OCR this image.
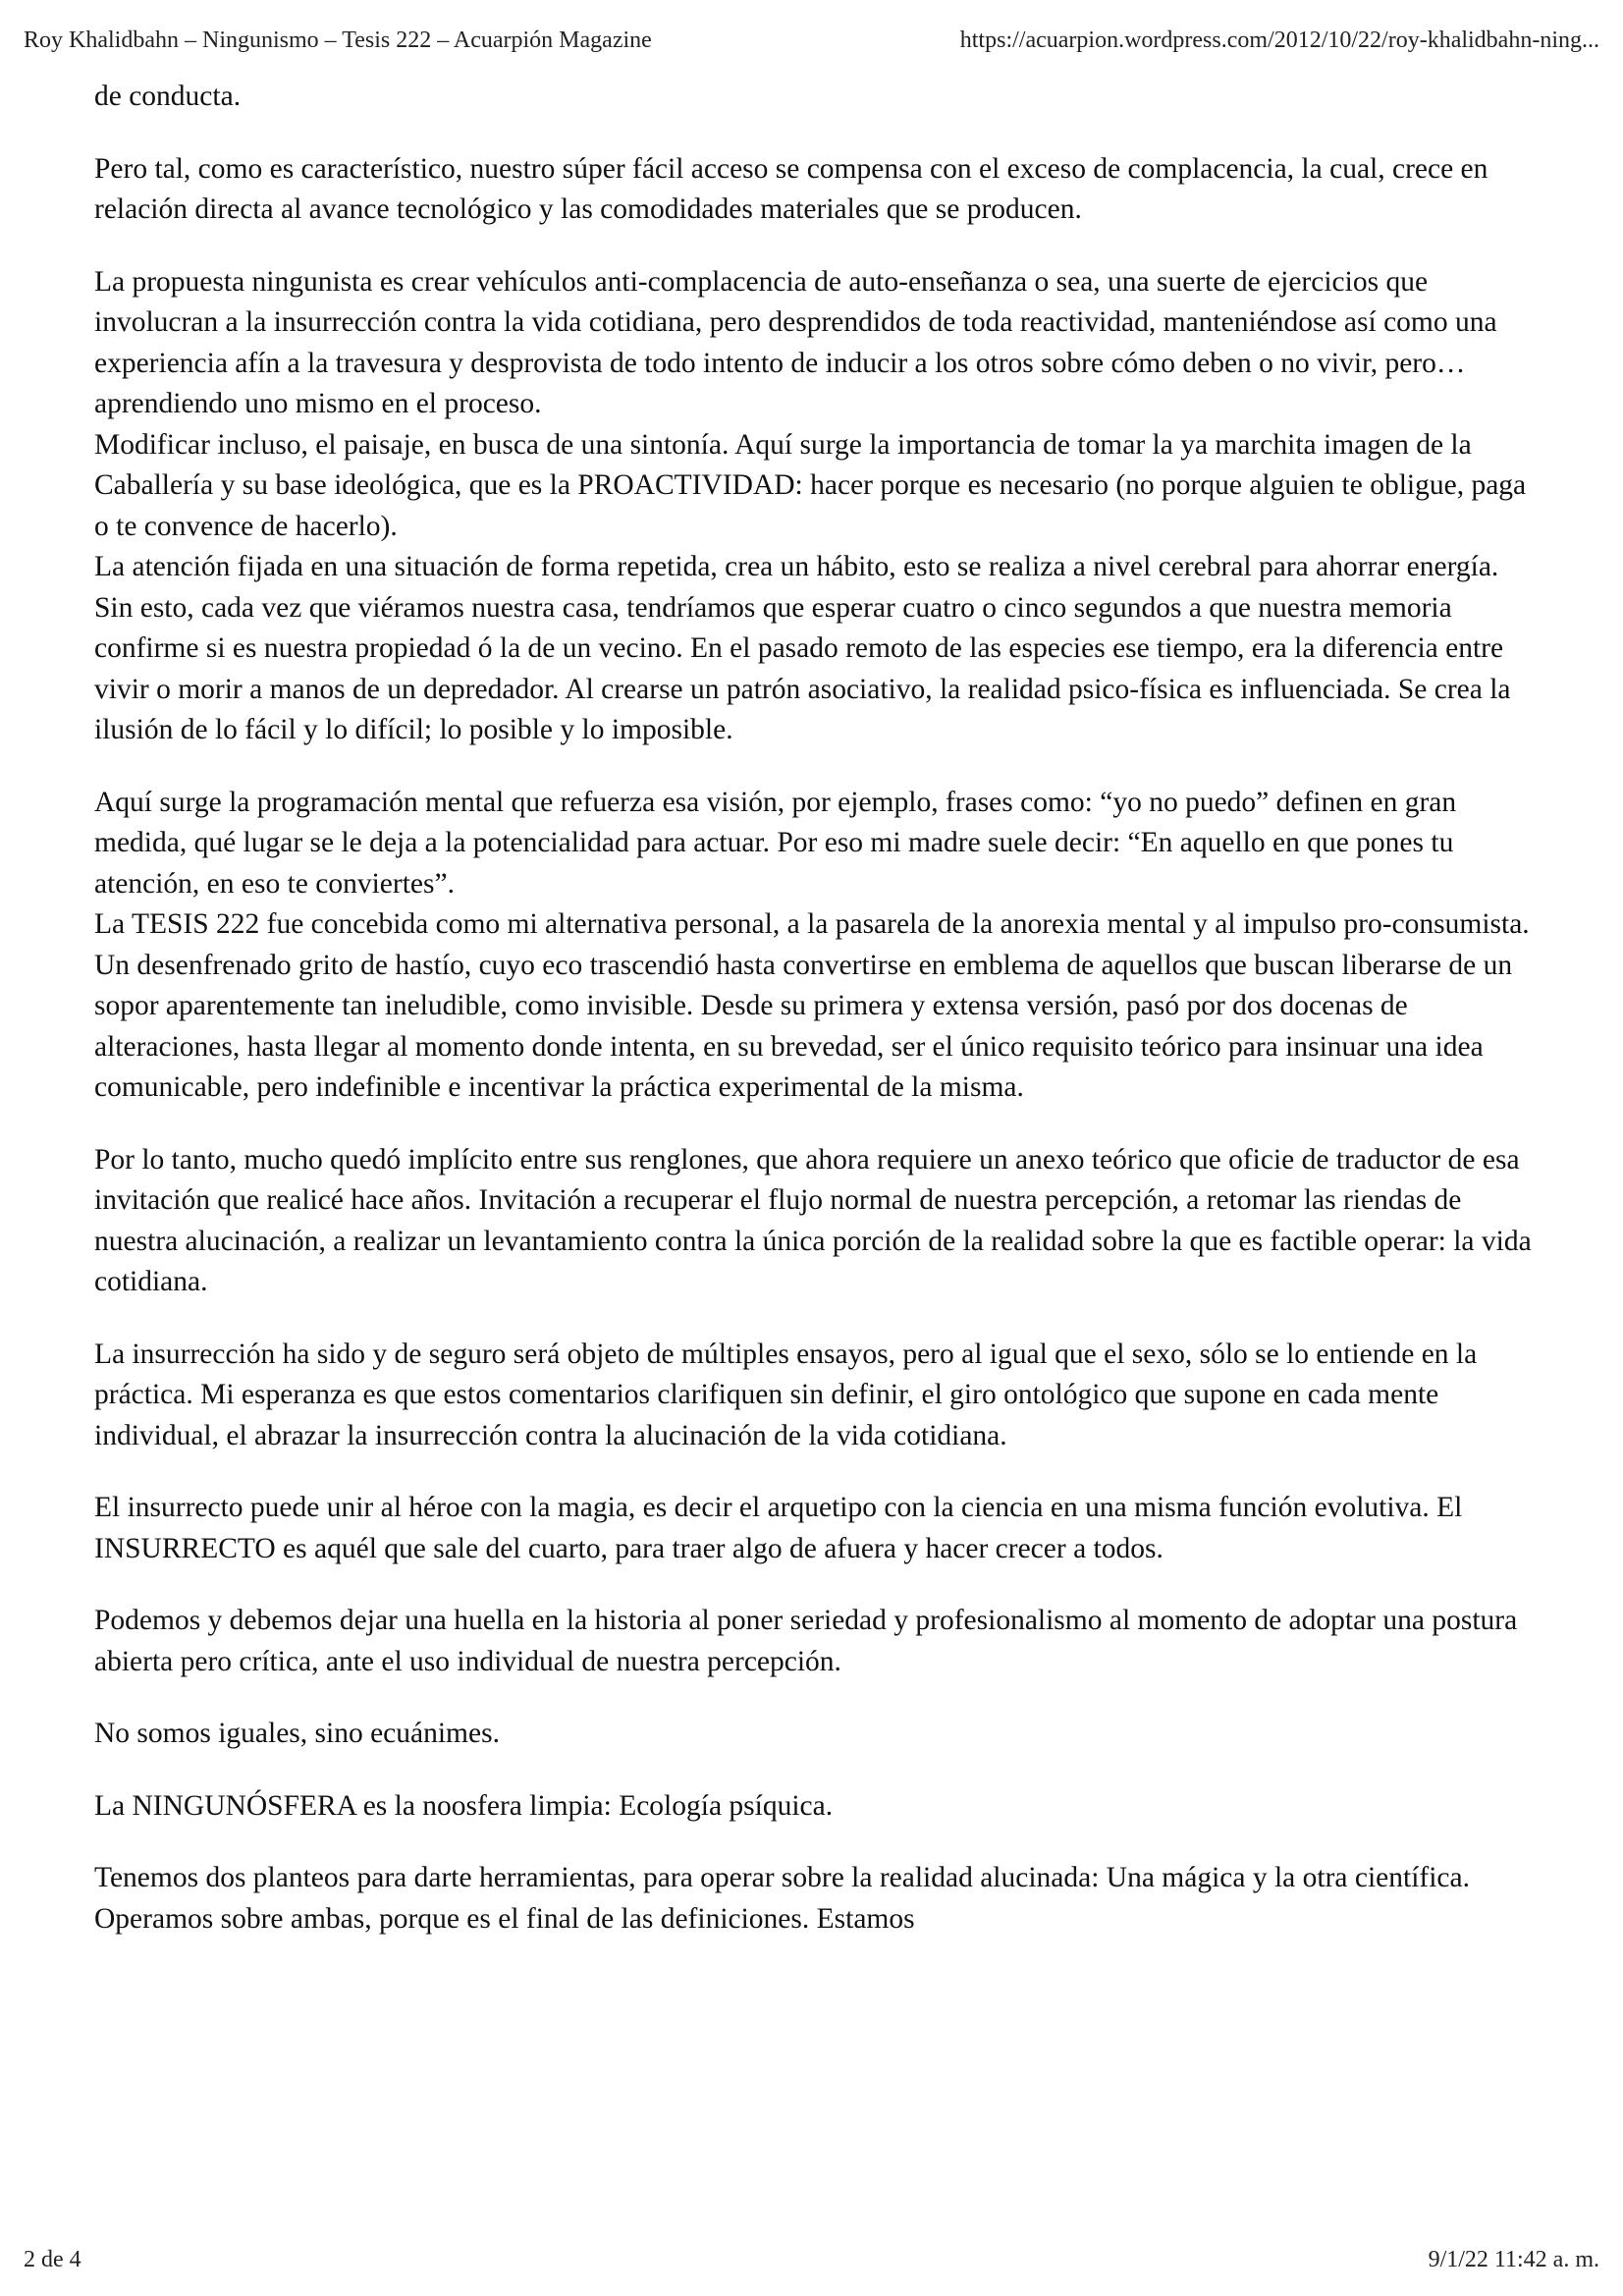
Roy Khalidbahn – Ningunismo – Tesis 222 – Acuarpión Magazine	https://acuarpion.wordpress.com/2012/10/22/roy-khalidbahn-ning...

de conducta.

Pero tal, como es característico, nuestro súper fácil acceso se compensa con el exceso de complacencia, la cual, crece en relación directa al avance tecnológico y las comodidades materiales que se producen.

La propuesta ningunista es crear vehículos anti-complacencia de auto-enseñanza o sea, una suerte de ejercicios que involucran a la insurrección contra la vida cotidiana, pero desprendidos de toda reactividad, manteniéndose así como una experiencia afín a la travesura y desprovista de todo intento de inducir a los otros sobre cómo deben o no vivir, pero… aprendiendo uno mismo en el proceso.

Modificar incluso, el paisaje, en busca de una sintonía. Aquí surge la importancia de tomar la ya marchita imagen de la Caballería y su base ideológica, que es la PROACTIVIDAD: hacer porque es necesario (no porque alguien te obligue, paga o te convence de hacerlo).

La atención fijada en una situación de forma repetida, crea un hábito, esto se realiza a nivel cerebral para ahorrar energía. Sin esto, cada vez que viéramos nuestra casa, tendríamos que esperar cuatro o cinco segundos a que nuestra memoria confirme si es nuestra propiedad ó la de un vecino. En el pasado remoto de las especies ese tiempo, era la diferencia entre vivir o morir a manos de un depredador. Al crearse un patrón asociativo, la realidad psico-física es influenciada. Se crea la ilusión de lo fácil y lo difícil; lo posible y lo imposible.

Aquí surge la programación mental que refuerza esa visión, por ejemplo, frases como: “yo no puedo” definen en gran medida, qué lugar se le deja a la potencialidad para actuar. Por eso mi madre suele decir: “En aquello en que pones tu atención, en eso te conviertes”.

La TESIS 222 fue concebida como mi alternativa personal, a la pasarela de la anorexia mental y al impulso pro-consumista. Un desenfrenado grito de hastío, cuyo eco trascendió hasta convertirse en emblema de aquellos que buscan liberarse de un sopor aparentemente tan ineludible, como invisible. Desde su primera y extensa versión, pasó por dos docenas de alteraciones, hasta llegar al momento donde intenta, en su brevedad, ser el único requisito teórico para insinuar una idea comunicable, pero indefinible e incentivar la práctica experimental de la misma.

Por lo tanto, mucho quedó implícito entre sus renglones, que ahora requiere un anexo teórico que oficie de traductor de esa invitación que realicé hace años. Invitación a recuperar el flujo normal de nuestra percepción, a retomar las riendas de nuestra alucinación, a realizar un levantamiento contra la única porción de la realidad sobre la que es factible operar: la vida cotidiana.

La insurrección ha sido y de seguro será objeto de múltiples ensayos, pero al igual que el sexo, sólo se lo entiende en la práctica. Mi esperanza es que estos comentarios clarifiquen sin definir, el giro ontológico que supone en cada mente individual, el abrazar la insurrección contra la alucinación de la vida cotidiana.

El insurrecto puede unir al héroe con la magia, es decir el arquetipo con la ciencia en una misma función evolutiva. El INSURRECTO es aquél que sale del cuarto, para traer algo de afuera y hacer crecer a todos.

Podemos y debemos dejar una huella en la historia al poner seriedad y profesionalismo al momento de adoptar una postura abierta pero crítica, ante el uso individual de nuestra percepción.

No somos iguales, sino ecuánimes.

La NINGUNÓSFERA es la noosfera limpia: Ecología psíquica.

Tenemos dos planteos para darte herramientas, para operar sobre la realidad alucinada: Una mágica y la otra científica. Operamos sobre ambas, porque es el final de las definiciones. Estamos

2 de 4	9/1/22 11:42 a. m.
